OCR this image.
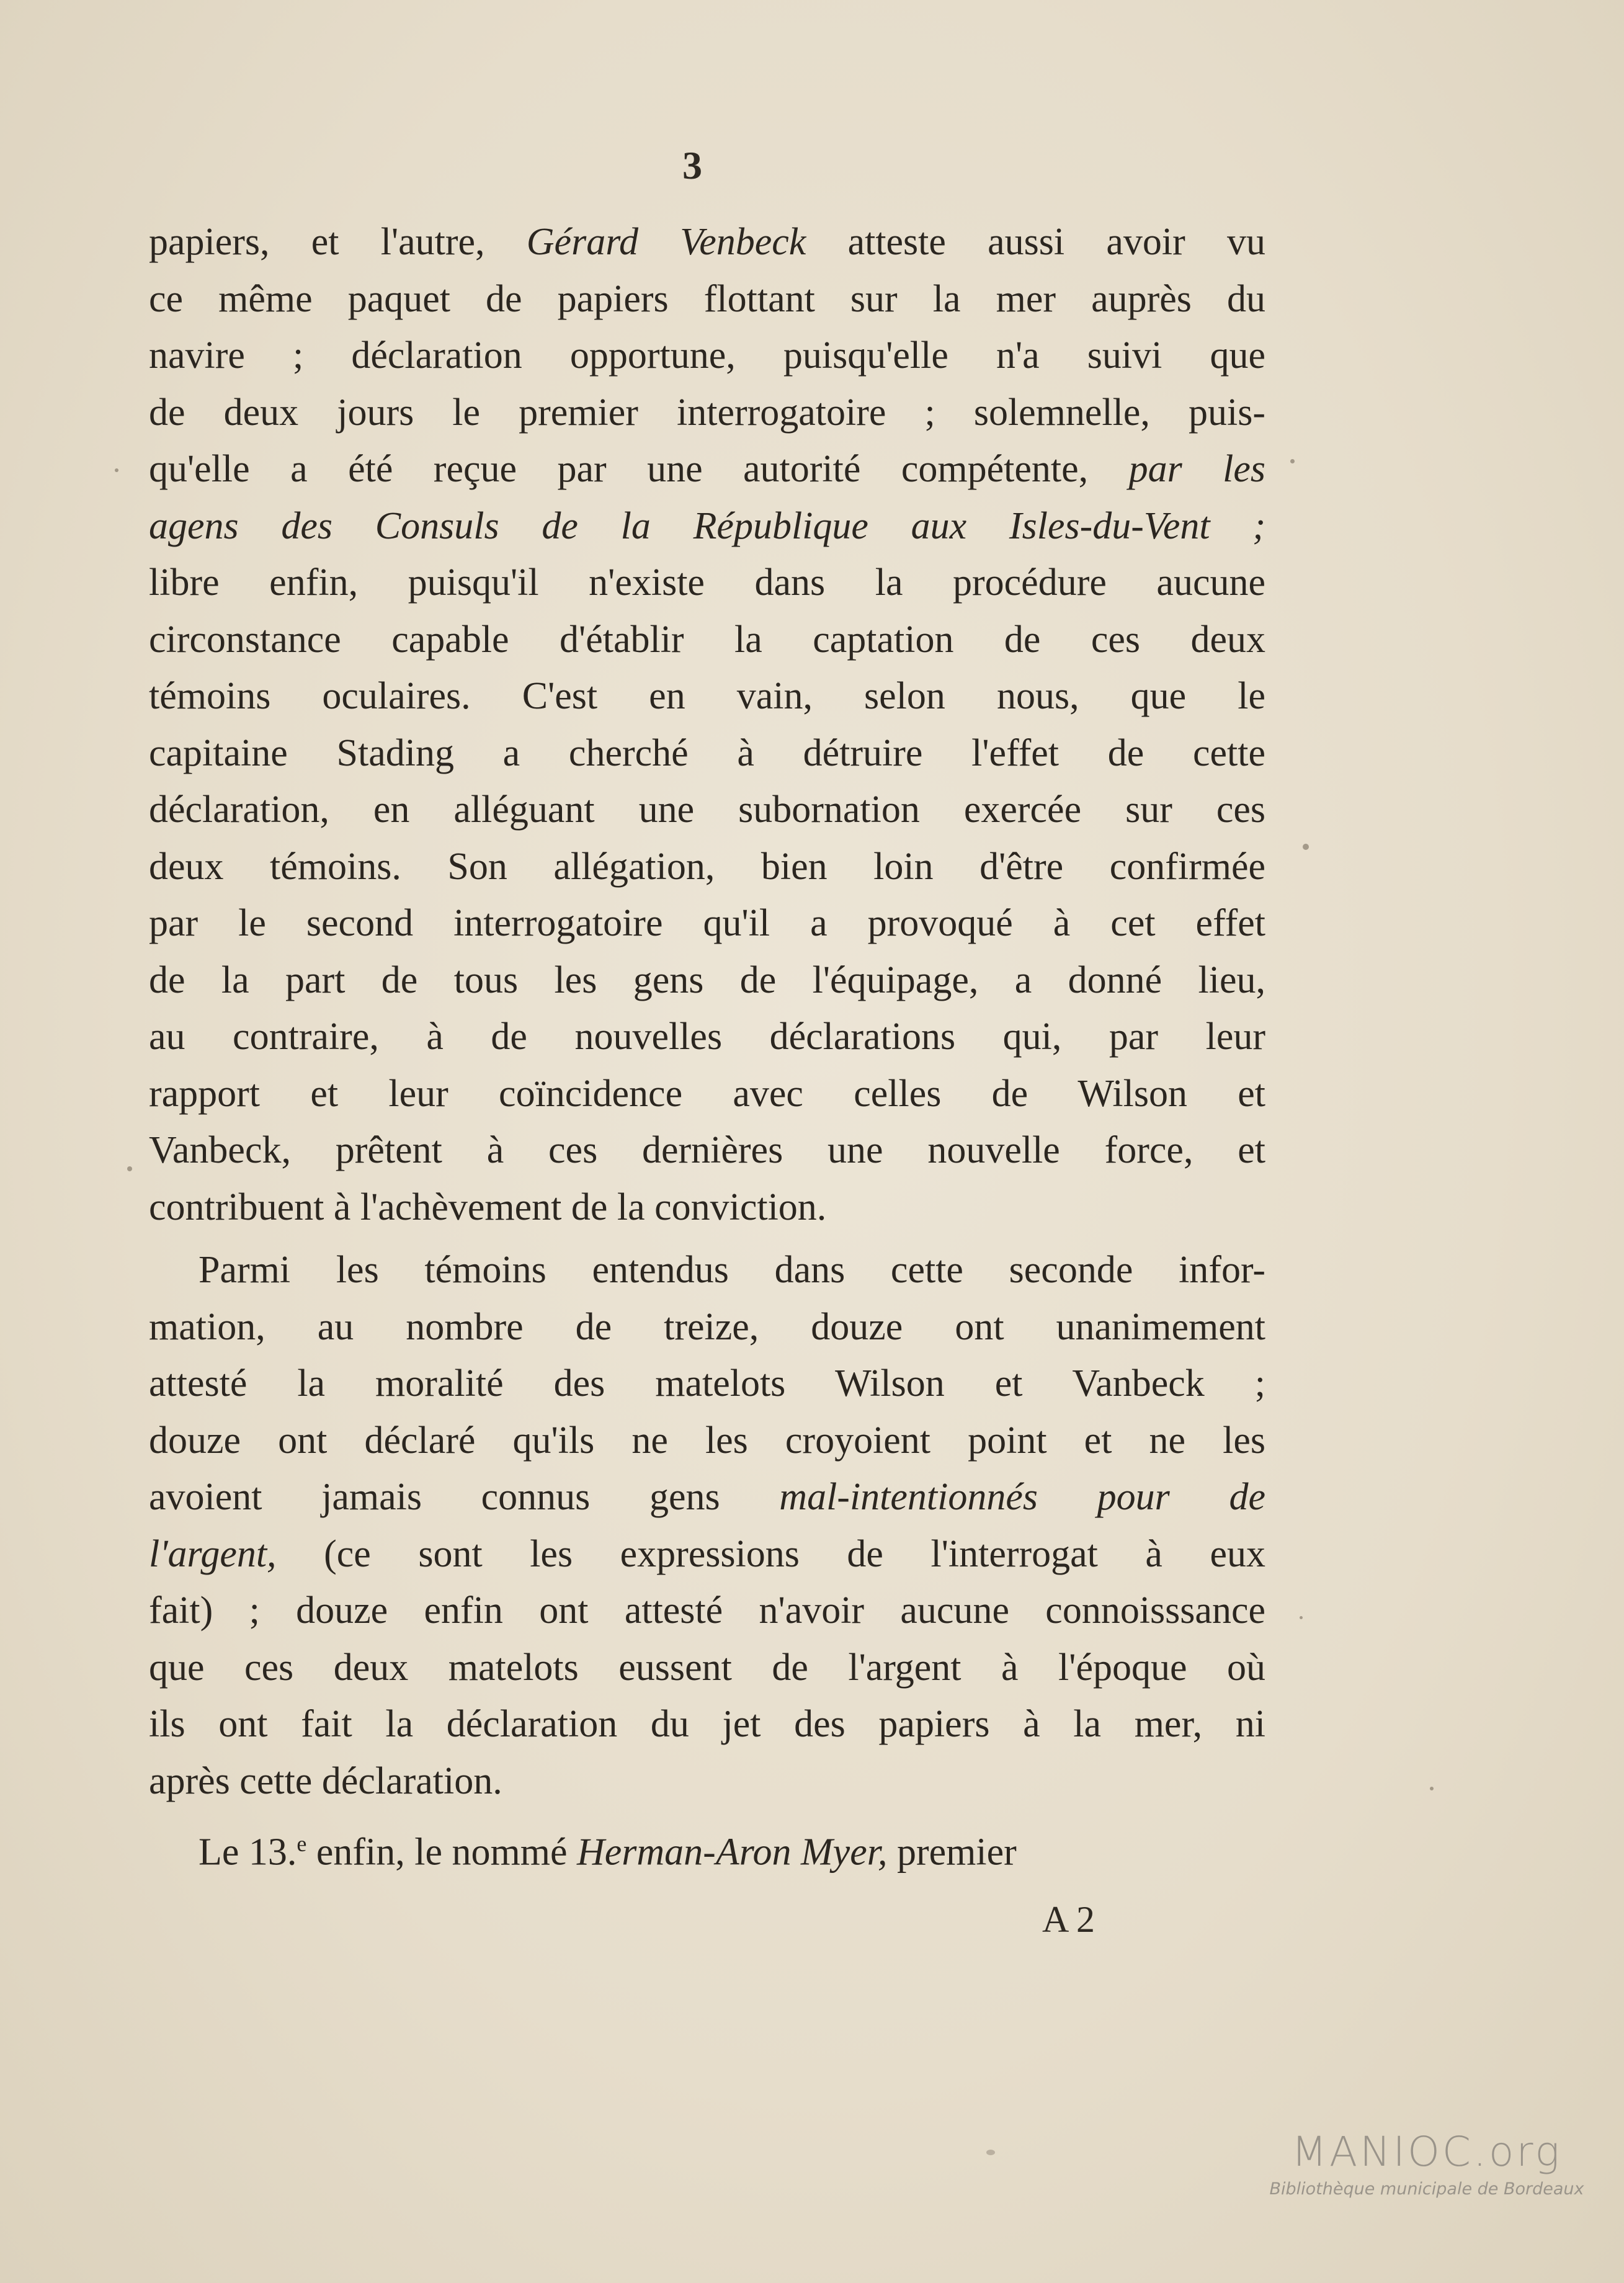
3
papiers, et l'autre, Gérard Venbeck atteste aussi avoir vu
ce même paquet de papiers flottant sur la mer auprès du
navire ; déclaration opportune, puisqu'elle n'a suivi que
de deux jours le premier interrogatoire ; solemnelle, puis-
qu'elle a été reçue par une autorité compétente, par les
agens des Consuls de la République aux Isles-du-Vent ;
libre enfin, puisqu'il n'existe dans la procédure aucune
circonstance capable d'établir la captation de ces deux
témoins oculaires. C'est en vain, selon nous, que le
capitaine Stading a cherché à détruire l'effet de cette
déclaration, en alléguant une subornation exercée sur ces
deux témoins. Son allégation, bien loin d'être confirmée
par le second interrogatoire qu'il a provoqué à cet effet
de la part de tous les gens de l'équipage, a donné lieu,
au contraire, à de nouvelles déclarations qui, par leur
rapport et leur coïncidence avec celles de Wilson et
Vanbeck, prêtent à ces dernières une nouvelle force, et
contribuent à l'achèvement de la conviction.
Parmi les témoins entendus dans cette seconde infor-
mation, au nombre de treize, douze ont unanimement
attesté la moralité des matelots Wilson et Vanbeck ;
douze ont déclaré qu'ils ne les croyoient point et ne les
avoient jamais connus gens mal-intentionnés pour de
l'argent, (ce sont les expressions de l'interrogat à eux
fait) ; douze enfin ont attesté n'avoir aucune connoisssance
que ces deux matelots eussent de l'argent à l'époque où
ils ont fait la déclaration du jet des papiers à la mer, ni
après cette déclaration.
Le 13.$^e$ enfin, le nommé Herman-Aron Myer, premier
A 2
MANIOC.org
Bibliothèque municipale de Bordeaux
